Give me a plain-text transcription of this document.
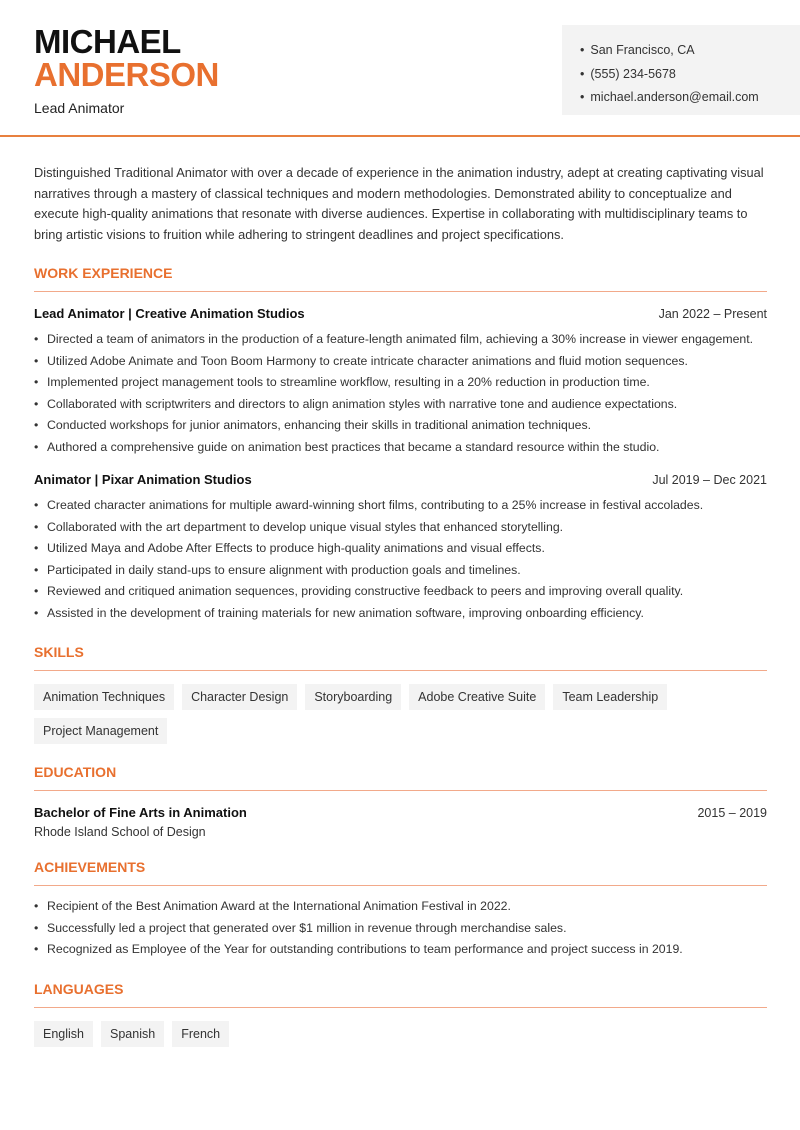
MICHAEL
ANDERSON
Lead Animator
• San Francisco, CA
• (555) 234-5678
• michael.anderson@email.com

Distinguished Traditional Animator with over a decade of experience in the animation industry, adept at creating captivating visual narratives through a mastery of classical techniques and modern methodologies. Demonstrated ability to conceptualize and execute high-quality animations that resonate with diverse audiences. Expertise in collaborating with multidisciplinary teams to bring artistic visions to fruition while adhering to stringent deadlines and project specifications.

WORK EXPERIENCE
Lead Animator | Creative Animation Studios	Jan 2022 – Present
• Directed a team of animators in the production of a feature-length animated film, achieving a 30% increase in viewer engagement.
• Utilized Adobe Animate and Toon Boom Harmony to create intricate character animations and fluid motion sequences.
• Implemented project management tools to streamline workflow, resulting in a 20% reduction in production time.
• Collaborated with scriptwriters and directors to align animation styles with narrative tone and audience expectations.
• Conducted workshops for junior animators, enhancing their skills in traditional animation techniques.
• Authored a comprehensive guide on animation best practices that became a standard resource within the studio.
Animator | Pixar Animation Studios	Jul 2019 – Dec 2021
• Created character animations for multiple award-winning short films, contributing to a 25% increase in festival accolades.
• Collaborated with the art department to develop unique visual styles that enhanced storytelling.
• Utilized Maya and Adobe After Effects to produce high-quality animations and visual effects.
• Participated in daily stand-ups to ensure alignment with production goals and timelines.
• Reviewed and critiqued animation sequences, providing constructive feedback to peers and improving overall quality.
• Assisted in the development of training materials for new animation software, improving onboarding efficiency.
SKILLS
Animation Techniques	Character Design	Storyboarding	Adobe Creative Suite	Team Leadership
Project Management
EDUCATION
Bachelor of Fine Arts in Animation	2015 – 2019
Rhode Island School of Design
ACHIEVEMENTS
• Recipient of the Best Animation Award at the International Animation Festival in 2022.
• Successfully led a project that generated over $1 million in revenue through merchandise sales.
• Recognized as Employee of the Year for outstanding contributions to team performance and project success in 2019.
LANGUAGES
English	Spanish	French
